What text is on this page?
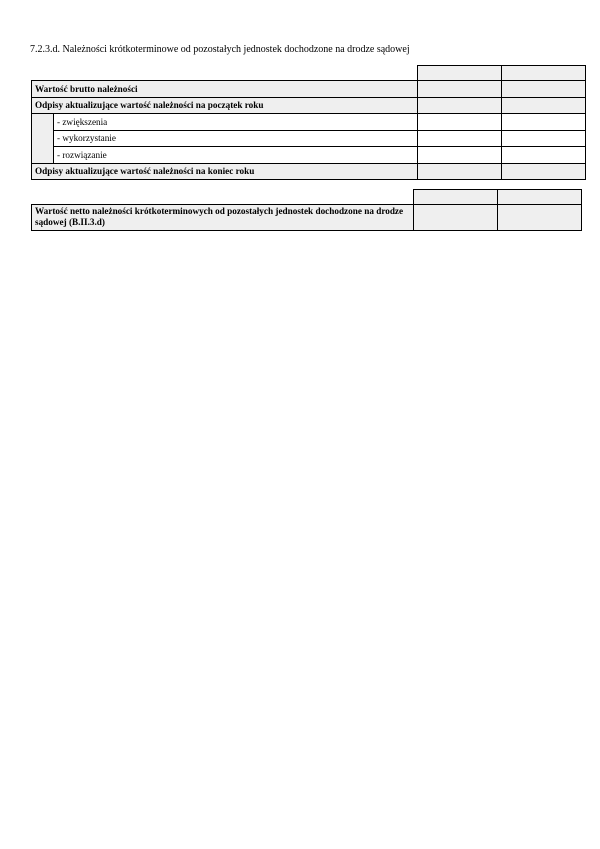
7.2.3.d. Należności krótkoterminowe od pozostałych jednostek dochodzone na drodze sądowej

Wartość brutto należności			
Odpisy aktualizujące wartość należności na początek roku			
	- zwiększenia		
	- wykorzystanie		
	- rozwiązanie		
Odpisy aktualizujące wartość należności na koniec roku			

Wartość netto należności krótkoterminowych od pozostałych jednostek dochodzone na drodze sądowej (B.II.3.d)		
